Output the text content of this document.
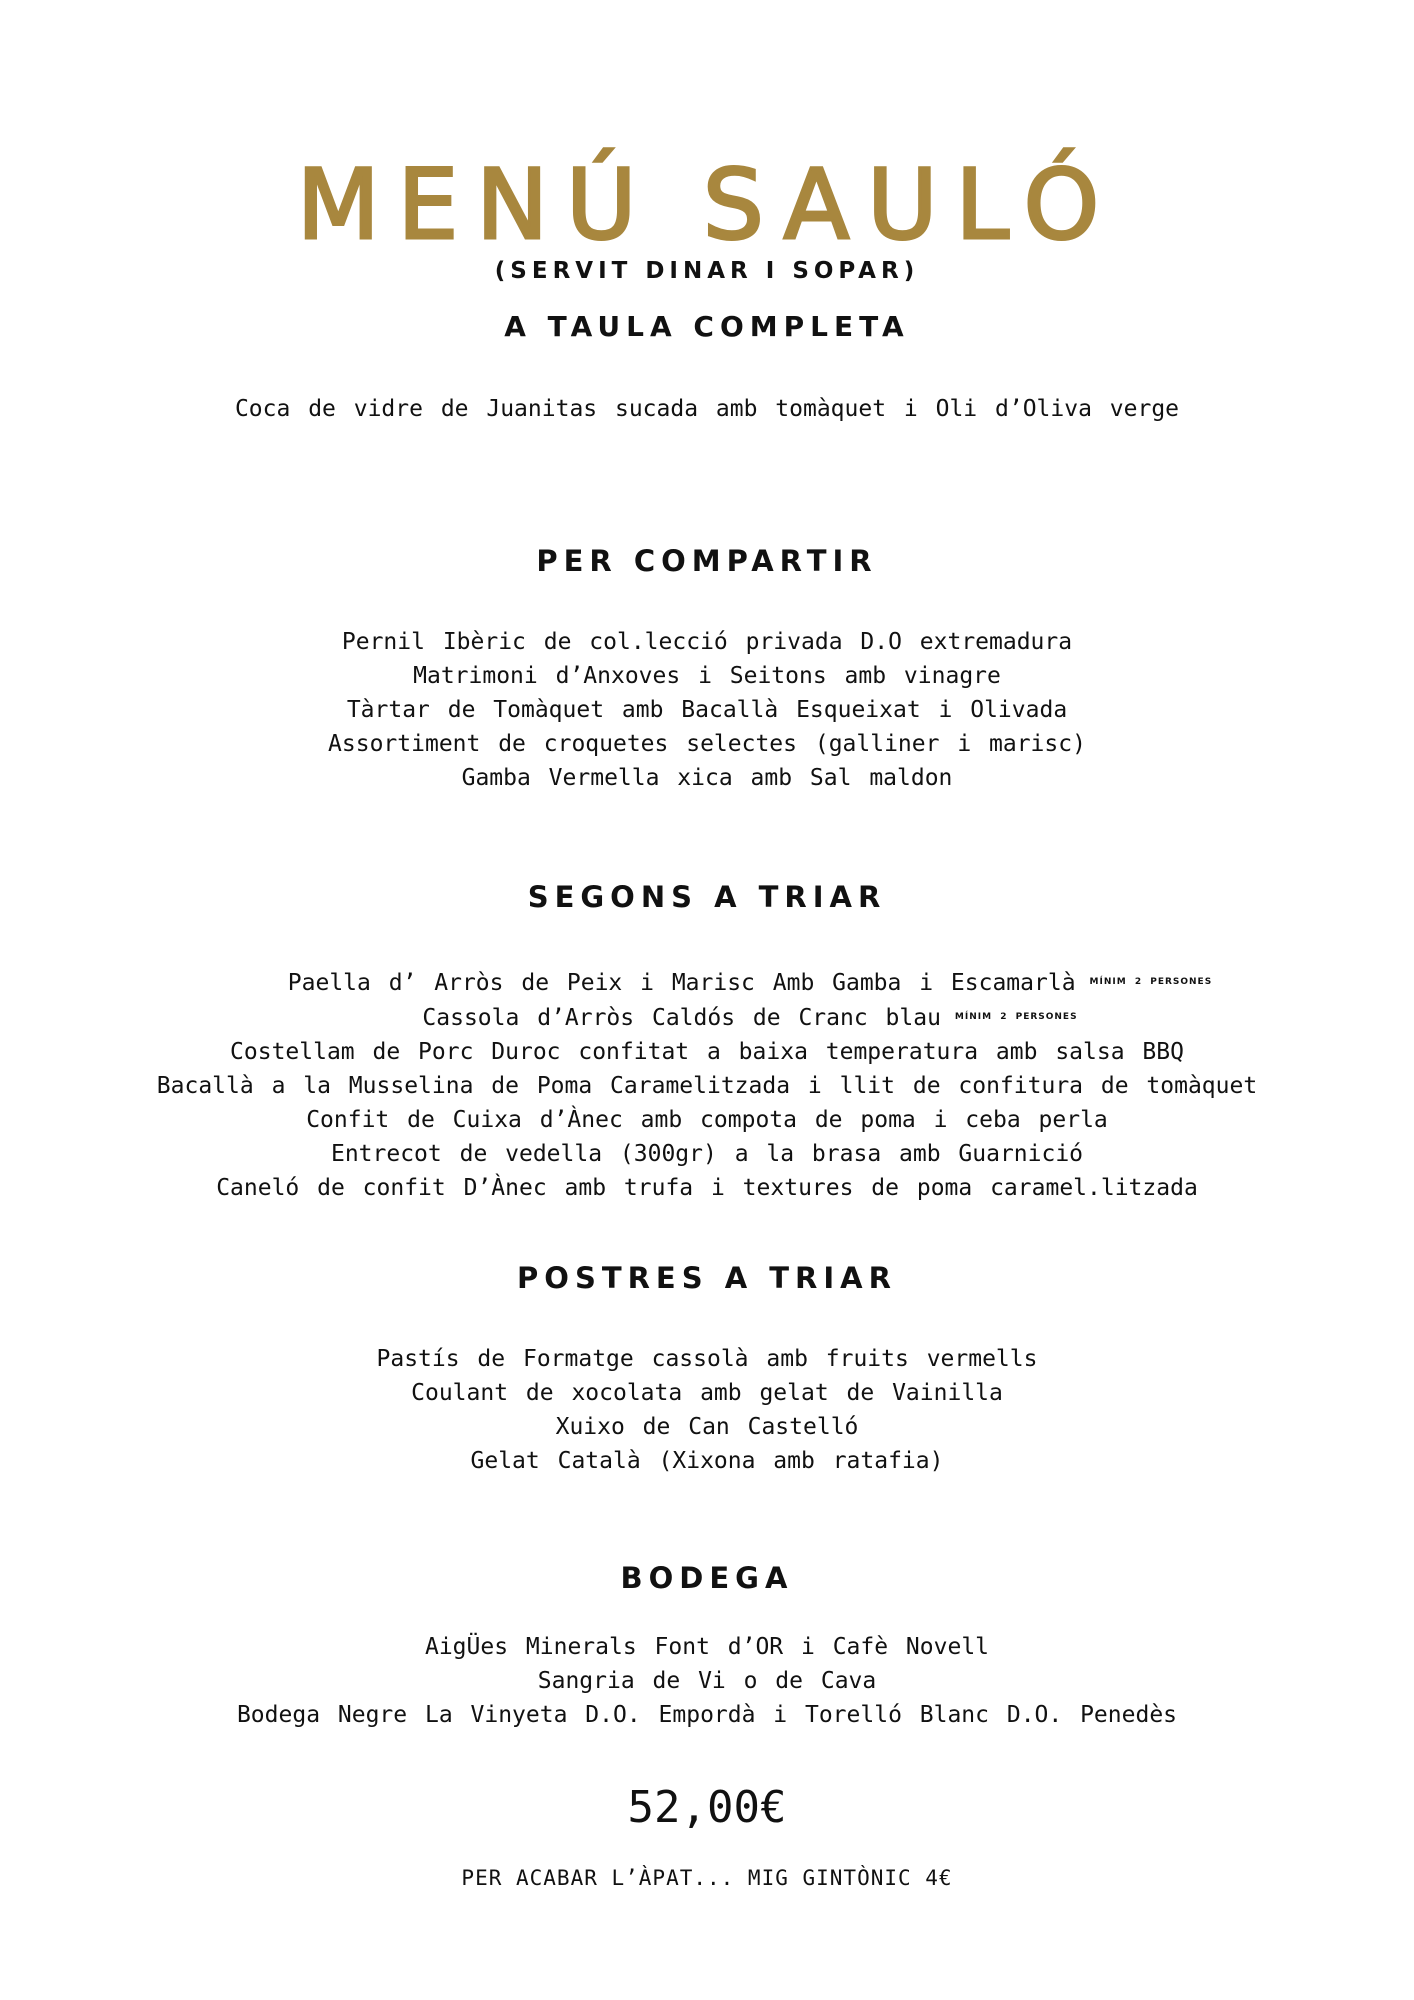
MENÚ SAULÓ
(SERVIT DINAR I SOPAR)
A TAULA COMPLETA
Coca de vidre de Juanitas sucada amb tomàquet i Oli d’Oliva verge
PER COMPARTIR
Pernil Ibèric de col.lecció privada D.O extremadura
Matrimoni d’Anxoves i Seitons amb vinagre
Tàrtar de Tomàquet amb Bacallà Esqueixat i Olivada
Assortiment de croquetes selectes (galliner i marisc)
Gamba Vermella xica amb Sal maldon
SEGONS A TRIAR
Paella d’ Arròs de Peix i Marisc Amb Gamba i Escamarlà $^{MÍNIM 2 PERSONES}$
Cassola d’Arròs Caldós de Cranc blau $^{MÍNIM 2 PERSONES}$
Costellam de Porc Duroc confitat a baixa temperatura amb salsa BBQ
Bacallà a la Musselina de Poma Caramelitzada i llit de confitura de tomàquet
Confit de Cuixa d’Ànec amb compota de poma i ceba perla
Entrecot de vedella (300gr) a la brasa amb Guarnició
Caneló de confit D’Ànec amb trufa i textures de poma caramel.litzada
POSTRES A TRIAR
Pastís de Formatge cassolà amb fruits vermells
Coulant de xocolata amb gelat de Vainilla
Xuixo de Can Castelló
Gelat Català (Xixona amb ratafia)
BODEGA
AigÜes Minerals Font d’OR i Cafè Novell
Sangria de Vi o de Cava
Bodega Negre La Vinyeta D.O. Empordà i Torelló Blanc D.O. Penedès
52,00€
PER ACABAR L’ÀPAT... MIG GINTÒNIC 4€
